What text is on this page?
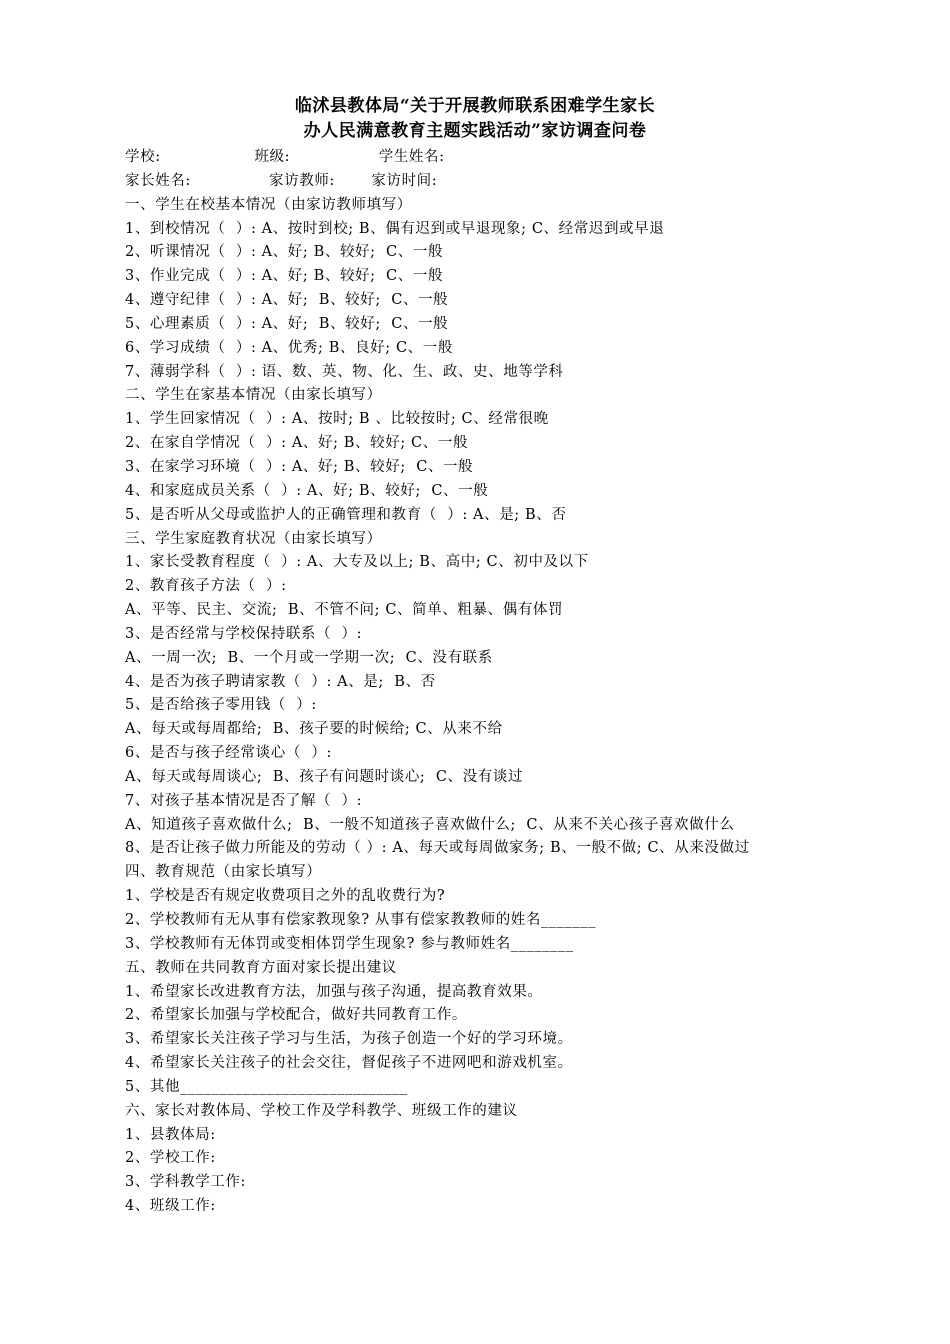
临沭县教体局“关于开展教师联系困难学生家长
办人民满意教育主题实践活动”家访调查问卷
学校:                  班级:                 学生姓名:
家长姓名:               家访教师:       家访时间:
一、学生在校基本情况（由家访教师填写）
1、到校情况（  ）: A、按时到校; B、偶有迟到或早退现象; C、经常迟到或早退
2、听课情况（  ）: A、好; B、较好;  C、一般
3、作业完成（  ）: A、好; B、较好;  C、一般
4、遵守纪律（  ）: A、好;  B、较好;  C、一般
5、心理素质（  ）: A、好;  B、较好;  C、一般
6、学习成绩（  ）: A、优秀; B、良好; C、一般
7、薄弱学科（  ）: 语、数、英、物、化、生、政、史、地等学科
二、学生在家基本情况（由家长填写）
1、学生回家情况（  ）: A、按时; B 、比较按时; C、经常很晚
2、在家自学情况（  ）: A、好; B、较好; C、一般
3、在家学习环境（  ）: A、好; B、较好;  C、一般
4、和家庭成员关系（  ）: A、好; B、较好;  C、一般
5、是否听从父母或监护人的正确管理和教育（  ）: A、是; B、否
三、学生家庭教育状况（由家长填写）
1、家长受教育程度（  ）: A、大专及以上; B、高中; C、初中及以下
2、教育孩子方法（  ）:
A、平等、民主、交流;  B、不管不问; C、简单、粗暴、偶有体罚
3、是否经常与学校保持联系（  ）:
A、一周一次;  B、一个月或一学期一次;  C、没有联系
4、是否为孩子聘请家教（  ）: A、是;  B、否
5、是否给孩子零用钱（  ）:
A、每天或每周都给;  B、孩子要的时候给; C、从来不给
6、是否与孩子经常谈心（  ）:
A、每天或每周谈心;  B、孩子有问题时谈心;  C、没有谈过
7、对孩子基本情况是否了解（  ）:
A、知道孩子喜欢做什么;  B、一般不知道孩子喜欢做什么;  C、从来不关心孩子喜欢做什么
8、是否让孩子做力所能及的劳动（ ）: A、每天或每周做家务; B、一般不做; C、从来没做过
四、教育规范（由家长填写）
1、学校是否有规定收费项目之外的乱收费行为?
2、学校教师有无从事有偿家教现象? 从事有偿家教教师的姓名_______
3、学校教师有无体罚或变相体罚学生现象? 参与教师姓名________
五、教师在共同教育方面对家长提出建议
1、希望家长改进教育方法，加强与孩子沟通，提高教育效果。
2、希望家长加强与学校配合，做好共同教育工作。
3、希望家长关注孩子学习与生活，为孩子创造一个好的学习环境。
4、希望家长关注孩子的社会交往，督促孩子不进网吧和游戏机室。
5、其他_____________________________
六、家长对教体局、学校工作及学科教学、班级工作的建议
1、县教体局:
2、学校工作:
3、学科教学工作:
4、班级工作:
